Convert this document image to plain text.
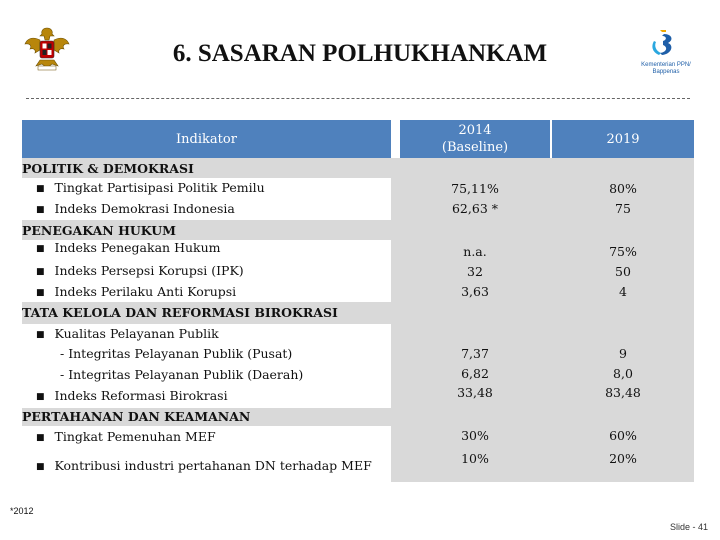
6. SASARAN POLHUKHANKAM	Kementerian PPN/ Bappenas
Indikator
2014
(Baseline)
2019
POLITIK & DEMOKRASI
PENEGAKAN HUKUM
TATA KELOLA DAN REFORMASI BIROKRASI
PERTAHANAN DAN KEAMANAN
■ Tingkat Partisipasi Politik Pemilu
■ Indeks Demokrasi Indonesia
■ Indeks Penegakan Hukum
■ Indeks Persepsi Korupsi (IPK)
■ Indeks Perilaku Anti Korupsi
■ Kualitas Pelayanan Publik
- Integritas Pelayanan Publik (Pusat)
- Integritas Pelayanan Publik (Daerah)
■ Indeks Reformasi Birokrasi
■ Tingkat Pemenuhan MEF
■ Kontribusi industri pertahanan DN terhadap MEF
75,11%
62,63 *
n.a.
32
3,63
7,37
6,82
33,48
30%
10%
80%
75
75%
50
4
9
8,0
83,48
60%
20%
*2012
Slide - 41
